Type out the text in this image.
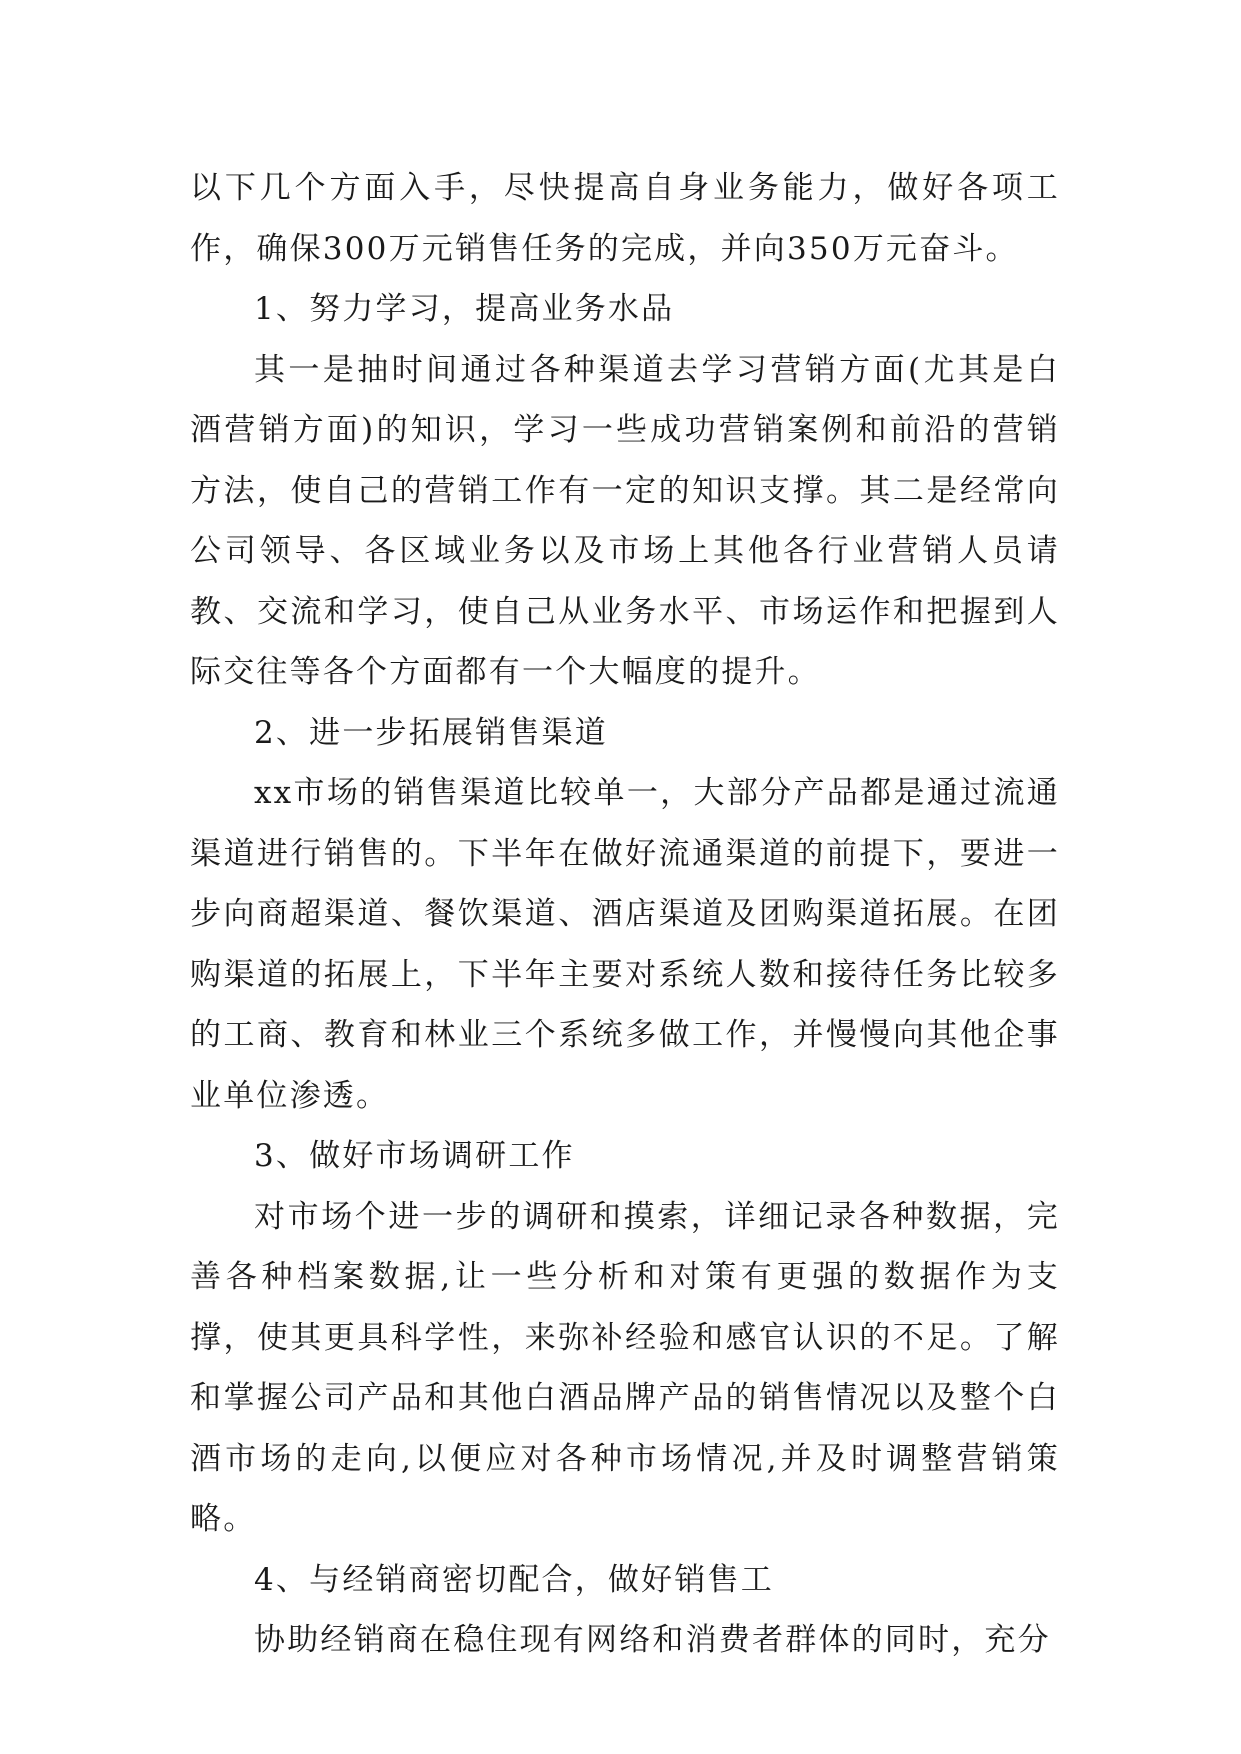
以下几个方面入手，尽快提高自身业务能力，做好各项工作，确保300万元销售任务的完成，并向350万元奋斗。

1、努力学习，提高业务水品

其一是抽时间通过各种渠道去学习营销方面(尤其是白酒营销方面)的知识，学习一些成功营销案例和前沿的营销方法，使自己的营销工作有一定的知识支撑。其二是经常向公司领导、各区域业务以及市场上其他各行业营销人员请教、交流和学习，使自己从业务水平、市场运作和把握到人际交往等各个方面都有一个大幅度的提升。

2、进一步拓展销售渠道

xx市场的销售渠道比较单一，大部分产品都是通过流通渠道进行销售的。下半年在做好流通渠道的前提下，要进一步向商超渠道、餐饮渠道、酒店渠道及团购渠道拓展。在团购渠道的拓展上，下半年主要对系统人数和接待任务比较多的工商、教育和林业三个系统多做工作，并慢慢向其他企事业单位渗透。

3、做好市场调研工作

对市场个进一步的调研和摸索，详细记录各种数据，完善各种档案数据,让一些分析和对策有更强的数据作为支撑，使其更具科学性，来弥补经验和感官认识的不足。了解和掌握公司产品和其他白酒品牌产品的销售情况以及整个白酒市场的走向,以便应对各种市场情况,并及时调整营销策略。

4、与经销商密切配合，做好销售工

协助经销商在稳住现有网络和消费者群体的同时，充分
